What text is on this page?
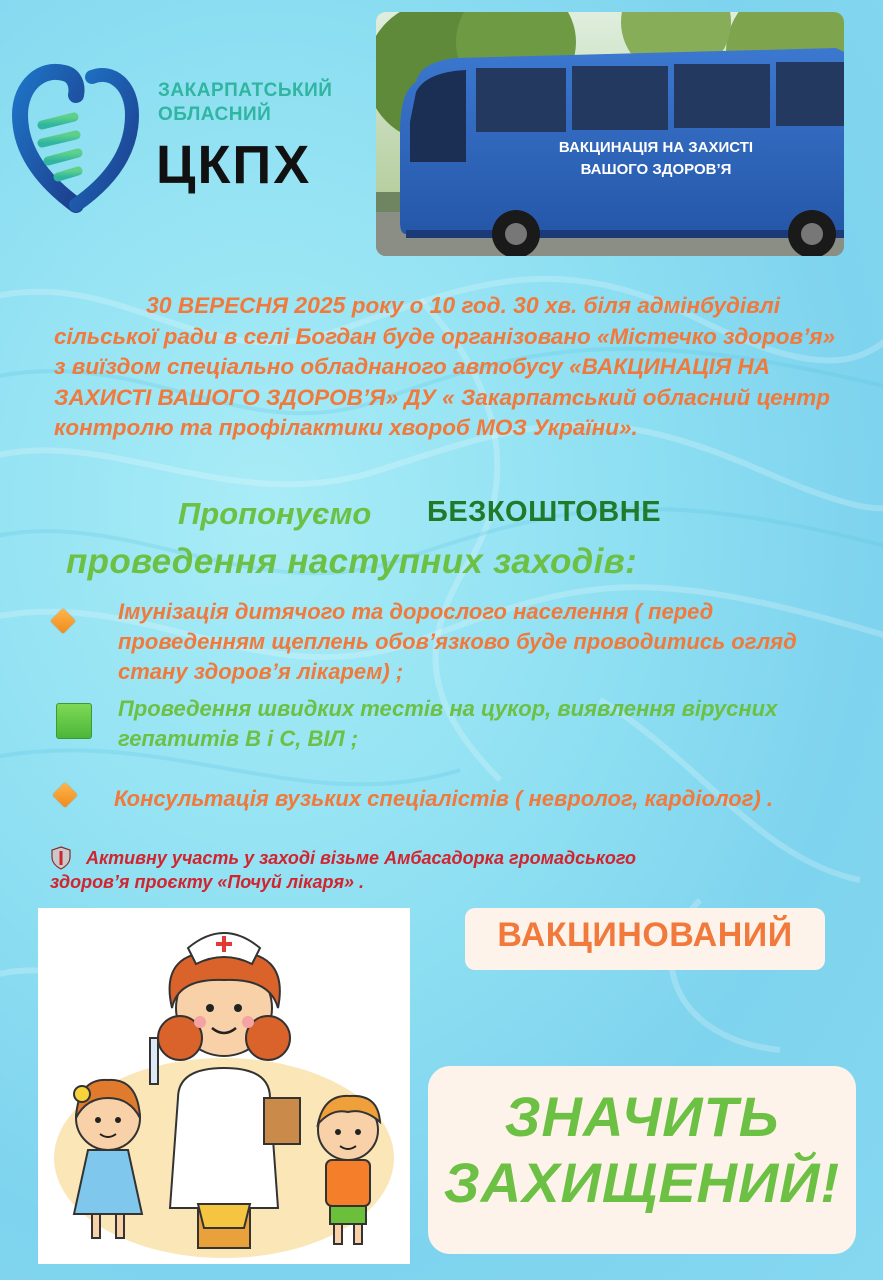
ЗАКАРПАТСЬКИЙ
ОБЛАСНИЙ
ЦКПХ	ВАКЦИНАЦІЯ НА ЗАХИСТІ
ВАШОГО ЗДОРОВ’Я
30 ВЕРЕСНЯ 2025 року о 10 год. 30 хв. біля адмінбудівлі сільської ради в селі Богдан буде організовано «Містечко здоров’я» з виїздом спеціально обладнаного автобусу «ВАКЦИНАЦІЯ НА ЗАХИСТІ ВАШОГО ЗДОРОВ’Я» ДУ « Закарпатський обласний центр контролю та профілактики хвороб МОЗ України».
Пропонуємо БЕЗКОШТОВНЕ
проведення наступних заходів:
Імунізація дитячого та дорослого населення ( перед проведенням щеплень обов’язково буде проводитись огляд стану здоров’я лікарем) ;
Проведення швидких тестів на цукор, виявлення вірусних гепатитів В і С, ВІЛ ;
Консультація вузьких спеціалістів ( невролог, кардіолог) .
Активну участь у заході візьме Амбасадорка громадського здоров’я проєкту «Почуй лікаря» .
ВАКЦИНОВАНИЙ
ЗНАЧИТЬ
ЗАХИЩЕНИЙ!
